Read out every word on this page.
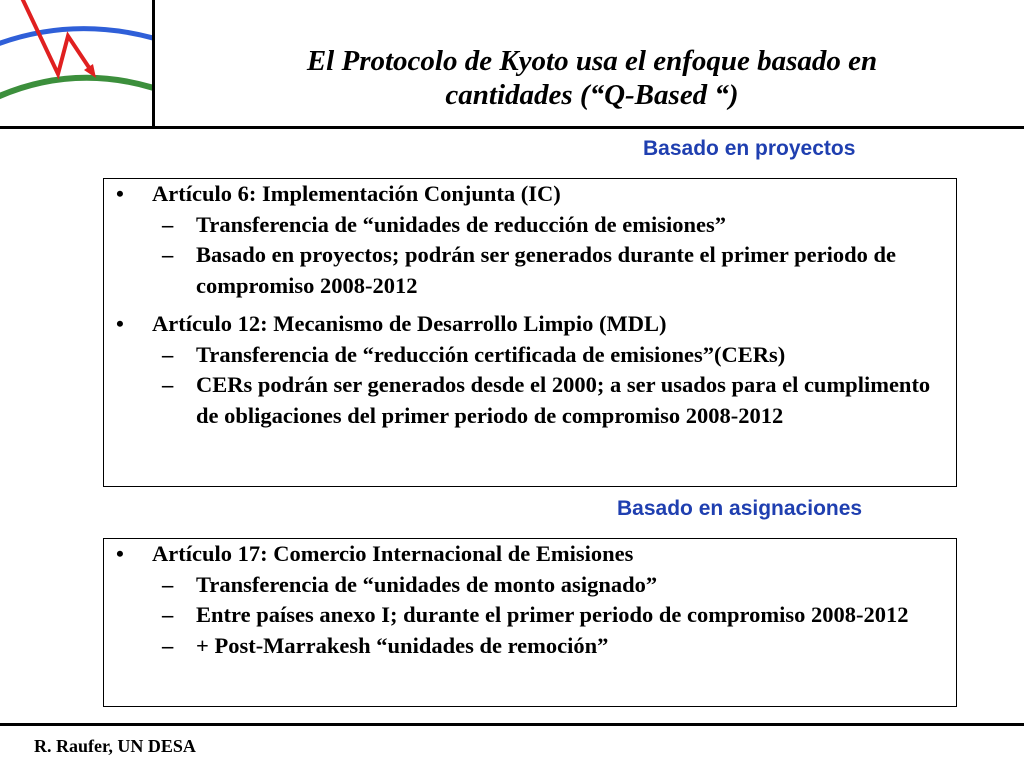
El Protocolo de Kyoto usa el enfoque basado en
cantidades (“Q-Based “)
Basado en proyectos
• Artículo 6: Implementación Conjunta (IC)
– Transferencia de “unidades de reducción de emisiones”
– Basado en proyectos; podrán ser generados durante el primer periodo de compromiso 2008-2012
• Artículo 12: Mecanismo de Desarrollo Limpio (MDL)
– Transferencia de “reducción certificada de emisiones”(CERs)
– CERs podrán ser generados desde el 2000; a ser usados para el cumplimento de obligaciones del primer periodo de compromiso 2008-2012
Basado en asignaciones
• Artículo 17: Comercio Internacional de Emisiones
– Transferencia de “unidades de monto asignado”
– Entre países anexo I; durante el primer periodo de compromiso 2008-2012
– + Post-Marrakesh “unidades de remoción”
R. Raufer, UN DESA
